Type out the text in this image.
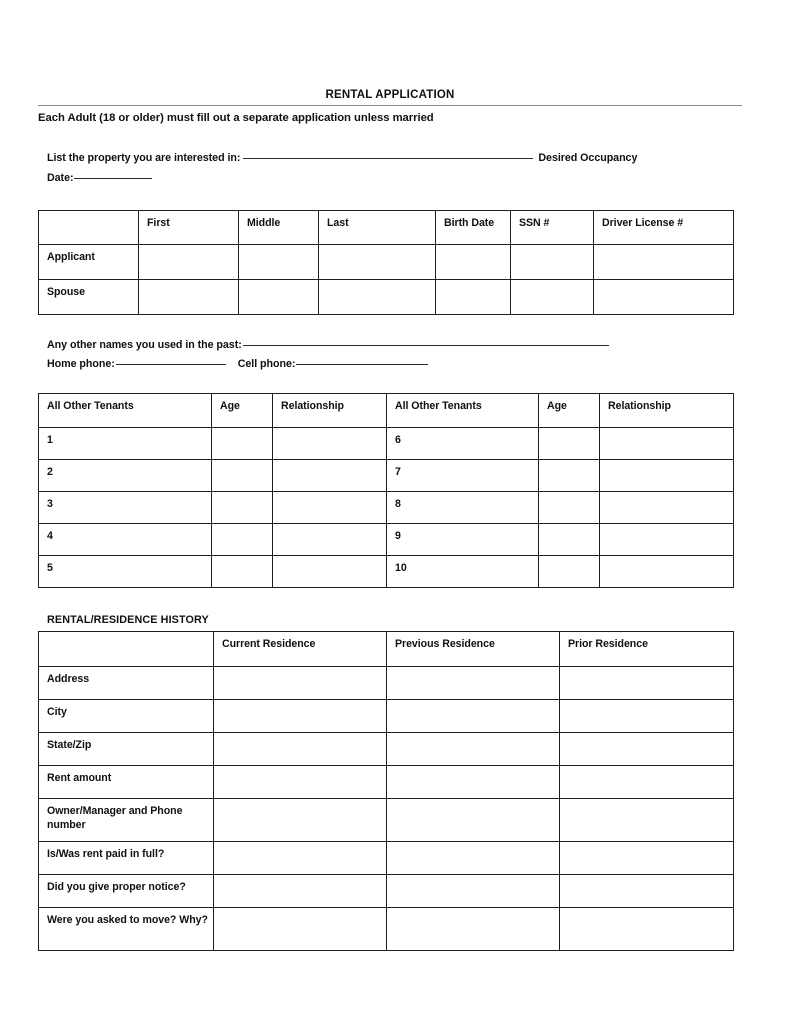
RENTAL APPLICATION
Each Adult (18 or older) must fill out a separate application unless married
List the property you are interested in:	Desired Occupancy
Date:
	First	Middle	Last	Birth Date	SSN #	Driver License #
Applicant						
Spouse						
Any other names you used in the past:
Home phone:	Cell phone:
All Other Tenants	Age	Relationship	All Other Tenants	Age	Relationship
1			6		
2			7		
3			8		
4			9		
5			10		
RENTAL/RESIDENCE HISTORY
	Current Residence	Previous Residence	Prior Residence
Address			
City			
State/Zip			
Rent amount			
Owner/Manager and Phone number			
Is/Was rent paid in full?			
Did you give proper notice?			
Were you asked to move? Why?			
